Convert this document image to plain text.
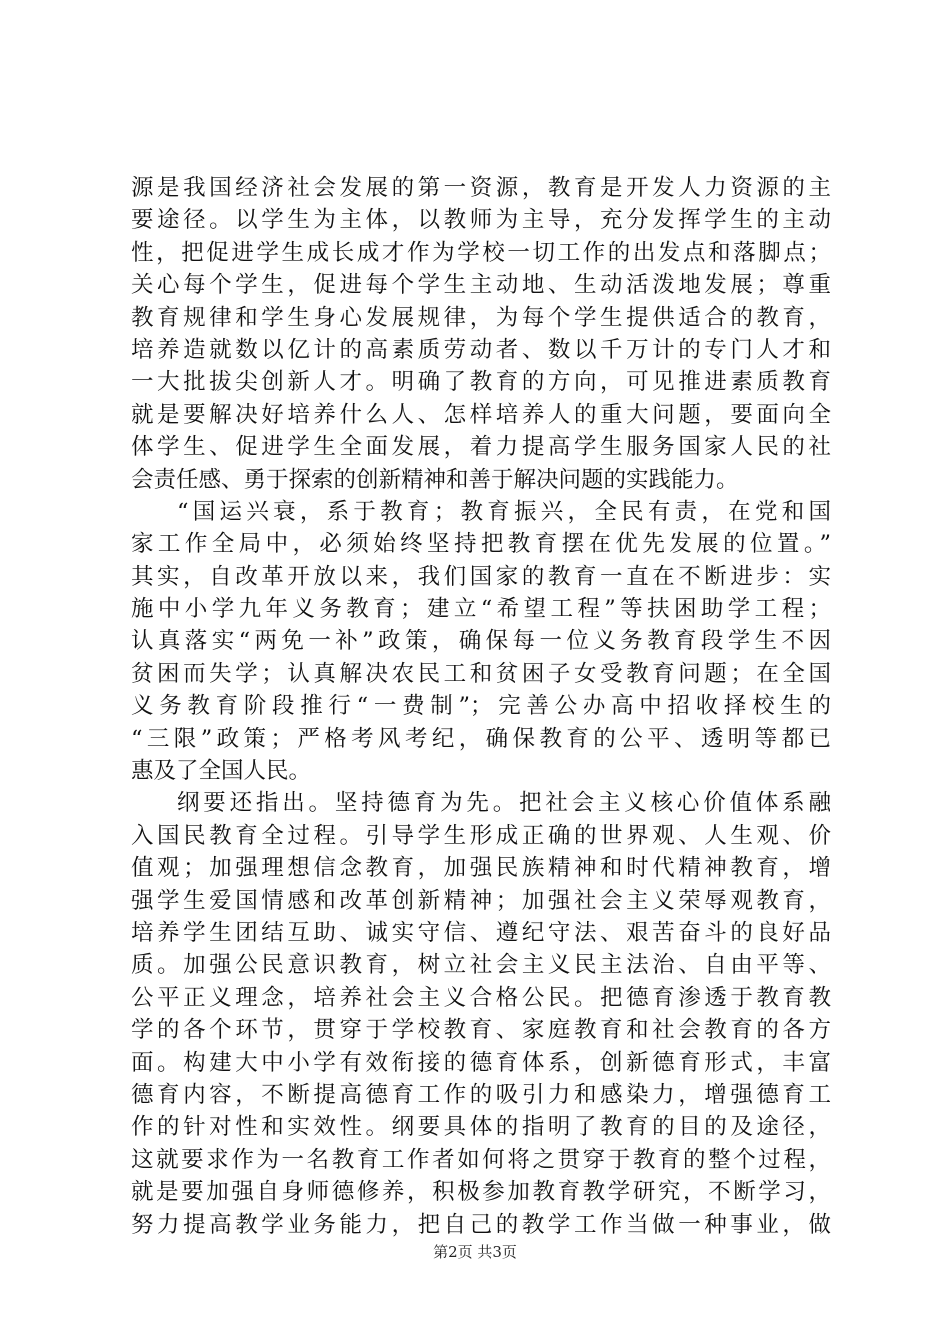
源是我国经济社会发展的第一资源，教育是开发人力资源的主
要途径。以学生为主体，以教师为主导，充分发挥学生的主动
性，把促进学生成长成才作为学校一切工作的出发点和落脚点；
关心每个学生，促进每个学生主动地、生动活泼地发展；尊重
教育规律和学生身心发展规律，为每个学生提供适合的教育，
培养造就数以亿计的高素质劳动者、数以千万计的专门人才和
一大批拔尖创新人才。明确了教育的方向，可见推进素质教育
就是要解决好培养什么人、怎样培养人的重大问题，要面向全
体学生、促进学生全面发展，着力提高学生服务国家人民的社
会责任感、勇于探索的创新精神和善于解决问题的实践能力。
“国运兴衰，系于教育；教育振兴，全民有责，在党和国
家工作全局中，必须始终坚持把教育摆在优先发展的位置。”
其实，自改革开放以来，我们国家的教育一直在不断进步：实
施中小学九年义务教育；建立“希望工程”等扶困助学工程；
认真落实“两免一补”政策，确保每一位义务教育段学生不因
贫困而失学；认真解决农民工和贫困子女受教育问题；在全国
义务教育阶段推行“一费制”；完善公办高中招收择校生的
“三限”政策；严格考风考纪，确保教育的公平、透明等都已
惠及了全国人民。
纲要还指出。坚持德育为先。把社会主义核心价值体系融
入国民教育全过程。引导学生形成正确的世界观、人生观、价
值观；加强理想信念教育，加强民族精神和时代精神教育，增
强学生爱国情感和改革创新精神；加强社会主义荣辱观教育，
培养学生团结互助、诚实守信、遵纪守法、艰苦奋斗的良好品
质。加强公民意识教育，树立社会主义民主法治、自由平等、
公平正义理念，培养社会主义合格公民。把德育渗透于教育教
学的各个环节，贯穿于学校教育、家庭教育和社会教育的各方
面。构建大中小学有效衔接的德育体系，创新德育形式，丰富
德育内容，不断提高德育工作的吸引力和感染力，增强德育工
作的针对性和实效性。纲要具体的指明了教育的目的及途径，
这就要求作为一名教育工作者如何将之贯穿于教育的整个过程，
就是要加强自身师德修养，积极参加教育教学研究，不断学习，
努力提高教学业务能力，把自己的教学工作当做一种事业，做
第2页 共3页
